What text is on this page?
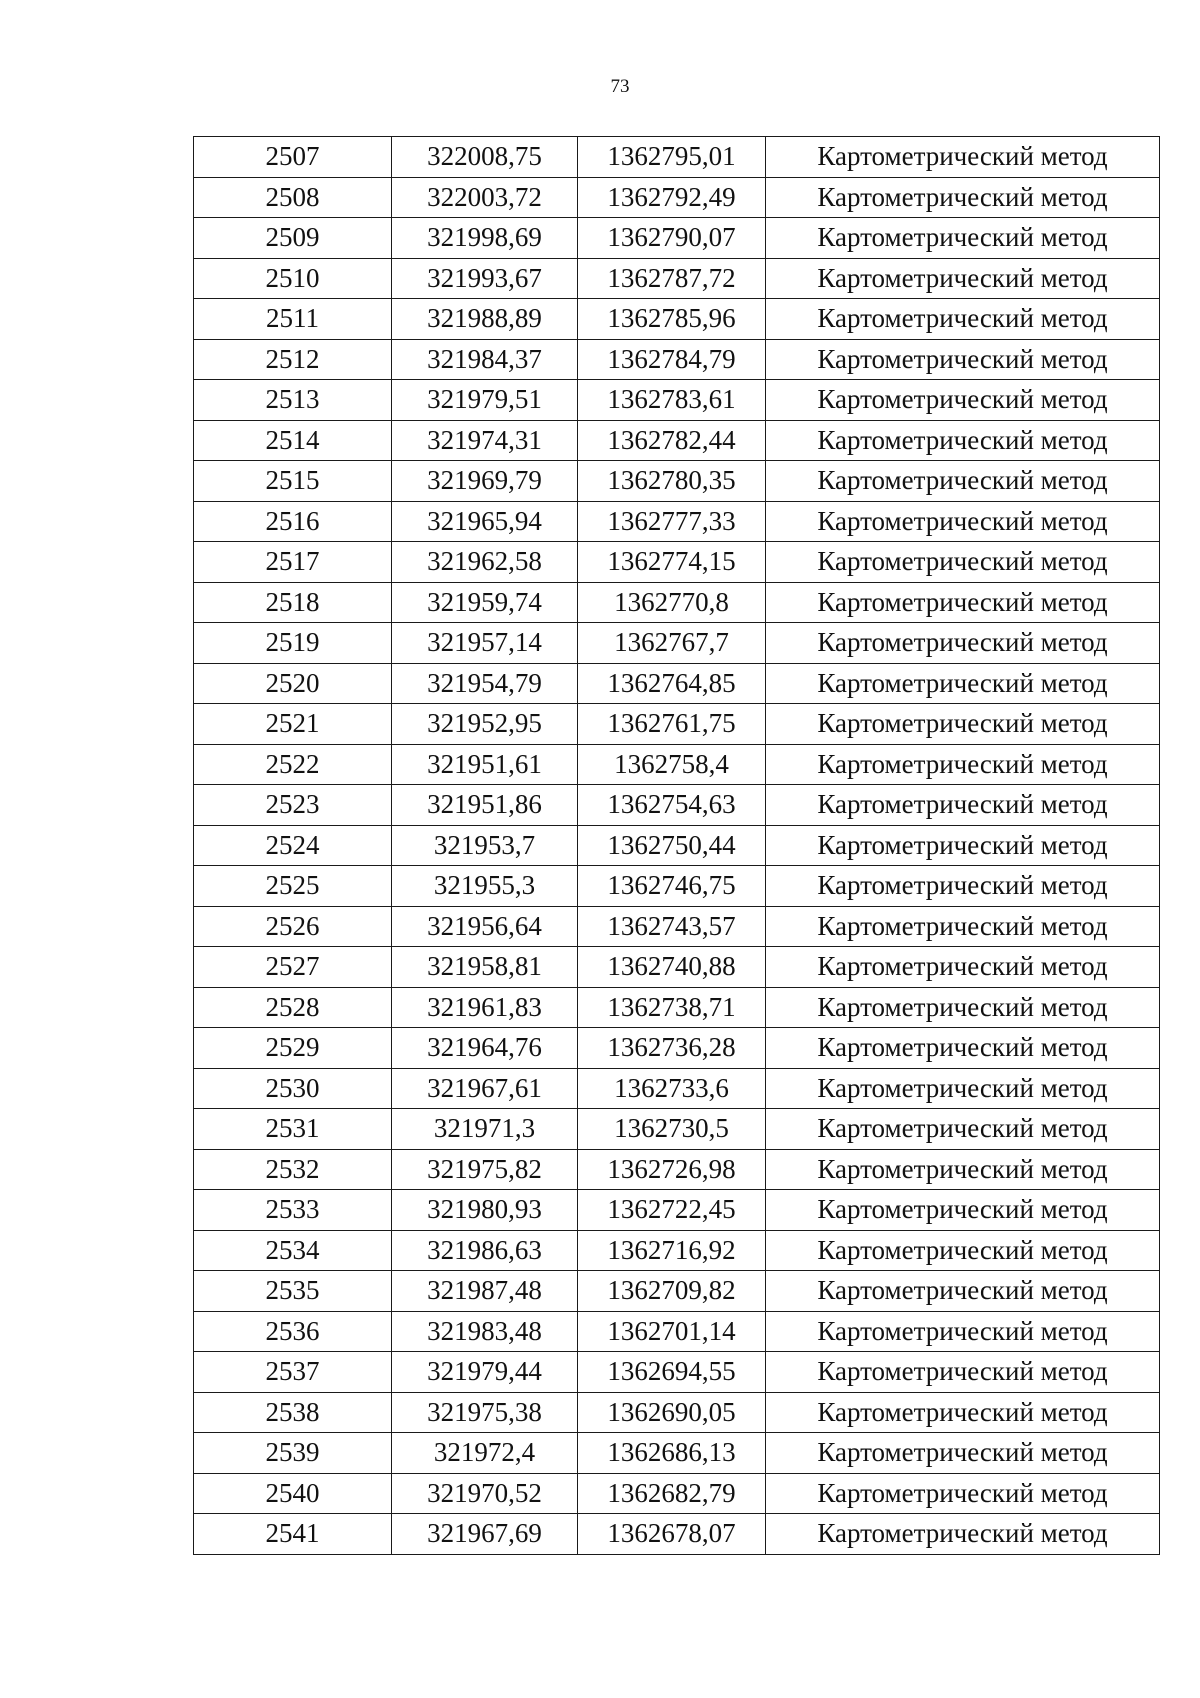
73
2507	322008,75	1362795,01	Картометрический метод
2508	322003,72	1362792,49	Картометрический метод
2509	321998,69	1362790,07	Картометрический метод
2510	321993,67	1362787,72	Картометрический метод
2511	321988,89	1362785,96	Картометрический метод
2512	321984,37	1362784,79	Картометрический метод
2513	321979,51	1362783,61	Картометрический метод
2514	321974,31	1362782,44	Картометрический метод
2515	321969,79	1362780,35	Картометрический метод
2516	321965,94	1362777,33	Картометрический метод
2517	321962,58	1362774,15	Картометрический метод
2518	321959,74	1362770,8	Картометрический метод
2519	321957,14	1362767,7	Картометрический метод
2520	321954,79	1362764,85	Картометрический метод
2521	321952,95	1362761,75	Картометрический метод
2522	321951,61	1362758,4	Картометрический метод
2523	321951,86	1362754,63	Картометрический метод
2524	321953,7	1362750,44	Картометрический метод
2525	321955,3	1362746,75	Картометрический метод
2526	321956,64	1362743,57	Картометрический метод
2527	321958,81	1362740,88	Картометрический метод
2528	321961,83	1362738,71	Картометрический метод
2529	321964,76	1362736,28	Картометрический метод
2530	321967,61	1362733,6	Картометрический метод
2531	321971,3	1362730,5	Картометрический метод
2532	321975,82	1362726,98	Картометрический метод
2533	321980,93	1362722,45	Картометрический метод
2534	321986,63	1362716,92	Картометрический метод
2535	321987,48	1362709,82	Картометрический метод
2536	321983,48	1362701,14	Картометрический метод
2537	321979,44	1362694,55	Картометрический метод
2538	321975,38	1362690,05	Картометрический метод
2539	321972,4	1362686,13	Картометрический метод
2540	321970,52	1362682,79	Картометрический метод
2541	321967,69	1362678,07	Картометрический метод
